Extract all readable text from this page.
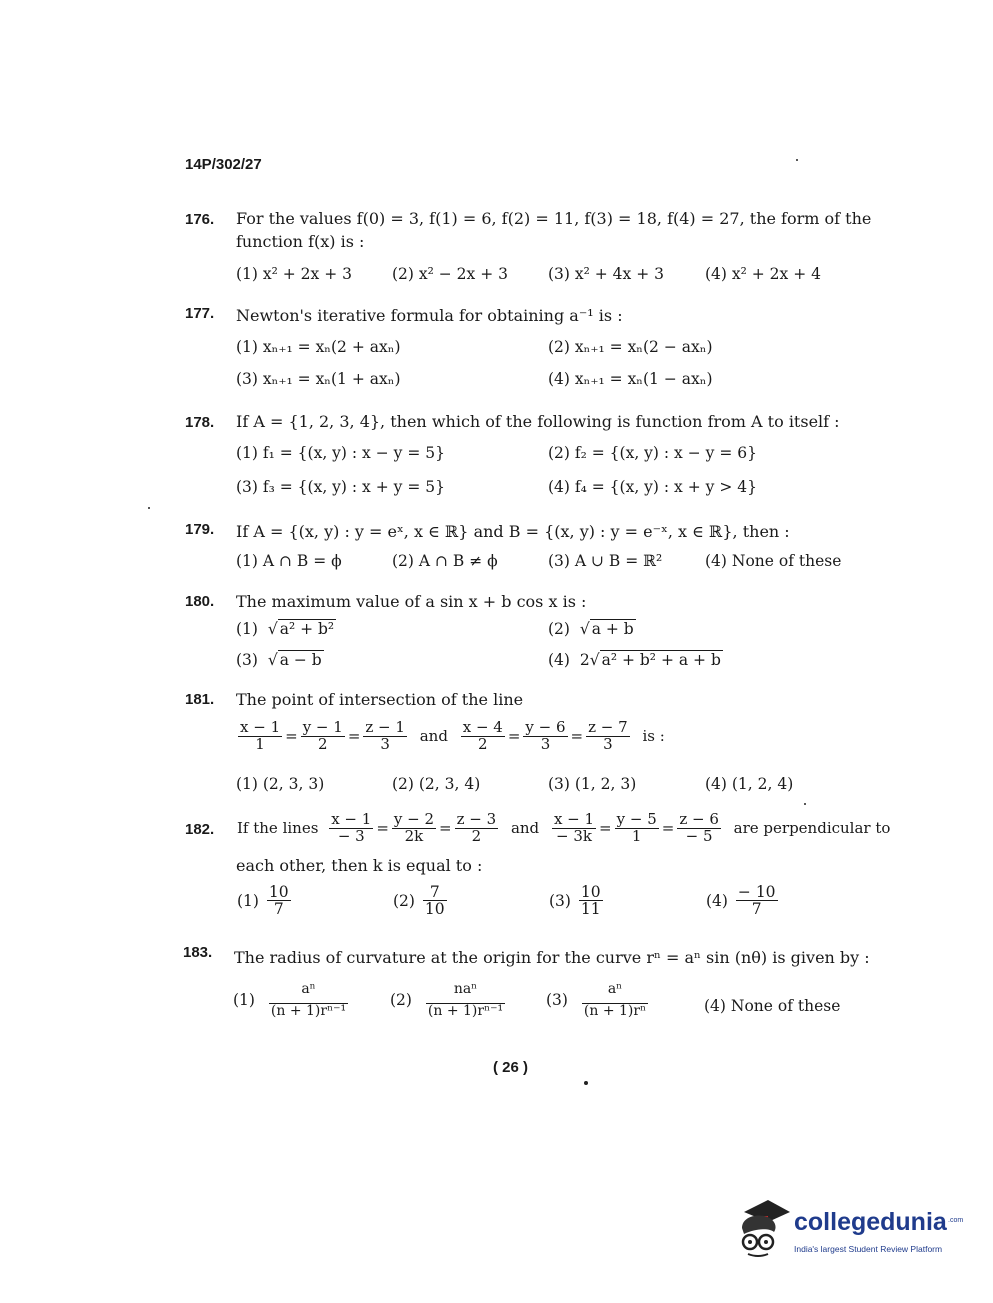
14P/302/27
176. For the values f(0) = 3, f(1) = 6, f(2) = 11, f(3) = 18, f(4) = 27, the form of the
function f(x) is :
(1) x² + 2x + 3	(2) x² − 2x + 3	(3) x² + 4x + 3	(4) x² + 2x + 4
177. Newton's iterative formula for obtaining a⁻¹ is :
(1) xₙ₊₁ = xₙ(2 + axₙ)	(2) xₙ₊₁ = xₙ(2 − axₙ)
(3) xₙ₊₁ = xₙ(1 + axₙ)	(4) xₙ₊₁ = xₙ(1 − axₙ)
178. If A = {1, 2, 3, 4}, then which of the following is function from A to itself :
(1) f₁ = {(x, y) : x − y = 5}	(2) f₂ = {(x, y) : x − y = 6}
(3) f₃ = {(x, y) : x + y = 5}	(4) f₄ = {(x, y) : x + y > 4}
179. If A = {(x, y) : y = eˣ, x ∈ ℝ} and B = {(x, y) : y = e⁻ˣ, x ∈ ℝ}, then :
(1) A ∩ B = ϕ	(2) A ∩ B ≠ ϕ	(3) A ∪ B = ℝ²	(4) None of these
180. The maximum value of a sin x + b cos x is :
(1)  √ a² + b²	(2)  √ a + b
(3)  √ a − b	(4) 2√ a² + b² + a + b
181. The point of intersection of the line
$\frac{x - 1}{1} = \frac{y - 1}{2} = \frac{z - 1}{3}$ and $\frac{x - 4}{2} = \frac{y - 6}{3} = \frac{z - 7}{3}$ is :
(1) (2, 3, 3)	(2) (2, 3, 4)	(3) (1, 2, 3)	(4) (1, 2, 4)
182. If the lines $\frac{x - 1}{- 3} = \frac{y - 2}{2k} = \frac{z - 3}{2}$ and $\frac{x - 1}{- 3k} = \frac{y - 5}{1} = \frac{z - 6}{- 5}$ are perpendicular to
each other, then k is equal to :
$(1) \frac{10}{7}$	$(2) \frac{7}{10}$	$(3) \frac{10}{11}$	$(4) \frac{- 10}{7}$
183. The radius of curvature at the origin for the curve rⁿ = aⁿ sin (nθ) is given by :
$(1) \frac{\text{aⁿ}}{\text{(n + 1)rⁿ⁻¹}}$	$(2) \frac{\text{naⁿ}}{\text{(n + 1)rⁿ⁻¹}}$	$(3) \frac{\text{aⁿ}}{\text{(n + 1)rⁿ}}$	(4) None of these
( 26 )
collegedunia .com
India's largest Student Review Platform
